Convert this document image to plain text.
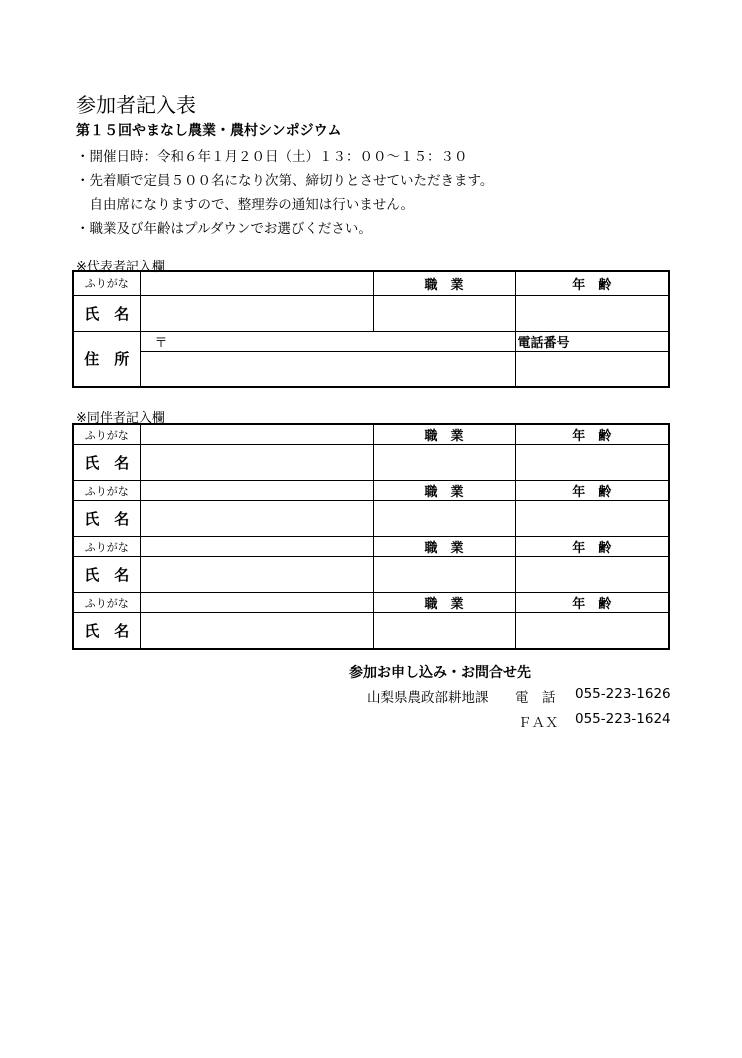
参加者記入表
第１５回やまなし農業・農村シンポジウム
・開催日時：令和６年１月２０日（土）１３：００～１５：３０
・先着順で定員５００名になり次第、締切りとさせていただきます。
　自由席になりますので、整理券の通知は行いません。
・職業及び年齢はプルダウンでお選びください。
※代表者記入欄
ふりがな		職　業	年　齢
氏　名			
住　所	〒		電話番号

※同伴者記入欄
ふりがな		職　業	年　齢
氏　名			
ふりがな		職　業	年　齢
氏　名			
ふりがな		職　業	年　齢
氏　名			
ふりがな		職　業	年　齢
氏　名			
参加お申し込み・お問合せ先
山梨県農政部耕地課 電　話 055-223-1626
ＦＡＸ 055-223-1624
